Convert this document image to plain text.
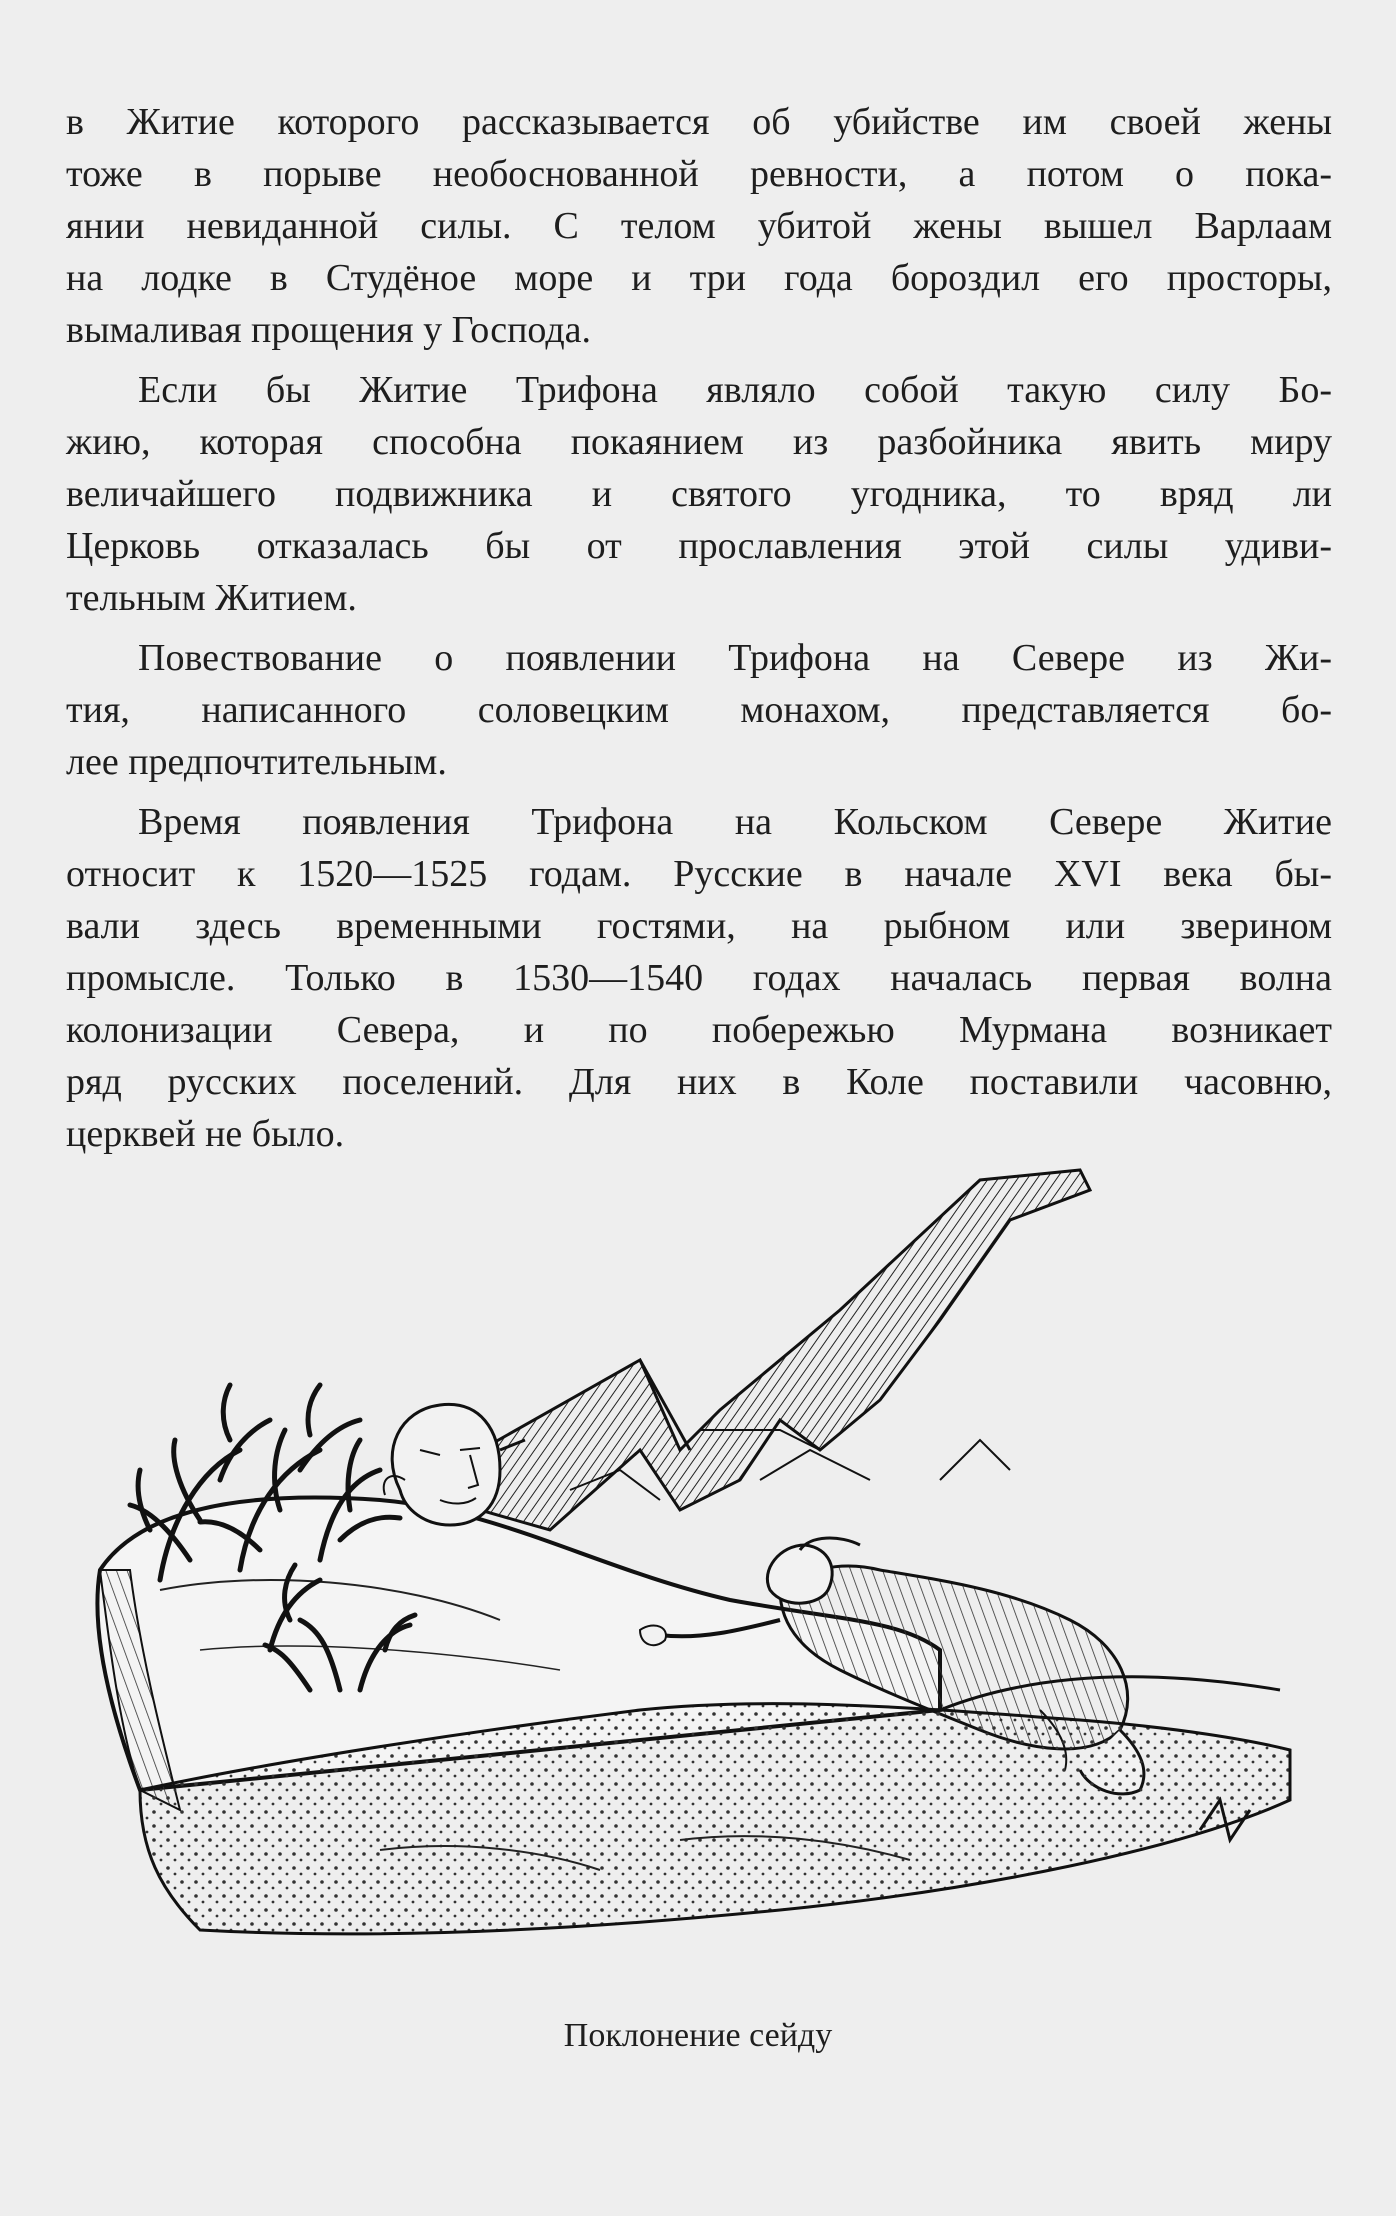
в Житие которого рассказывается об убийстве им своей жены
тоже в порыве необоснованной ревности, а потом о пока-
янии невиданной силы. С телом убитой жены вышел Варлаам
на лодке в Студёное море и три года бороздил его просторы,
вымаливая прощения у Господа.

Если бы Житие Трифона являло собой такую силу Бо-
жию, которая способна покаянием из разбойника явить миру
величайшего подвижника и святого угодника, то вряд ли
Церковь отказалась бы от прославления этой силы удиви-
тельным Житием.

Повествование о появлении Трифона на Севере из Жи-
тия, написанного соловецким монахом, представляется бо-
лее предпочтительным.

Время появления Трифона на Кольском Севере Житие
относит к 1520—1525 годам. Русские в начале XVI века бы-
вали здесь временными гостями, на рыбном или зверином
промысле. Только в 1530—1540 годах началась первая волна
колонизации Севера, и по побережью Мурмана возникает
ряд русских поселений. Для них в Коле поставили часовню,
церквей не было.

Поклонение сейду
